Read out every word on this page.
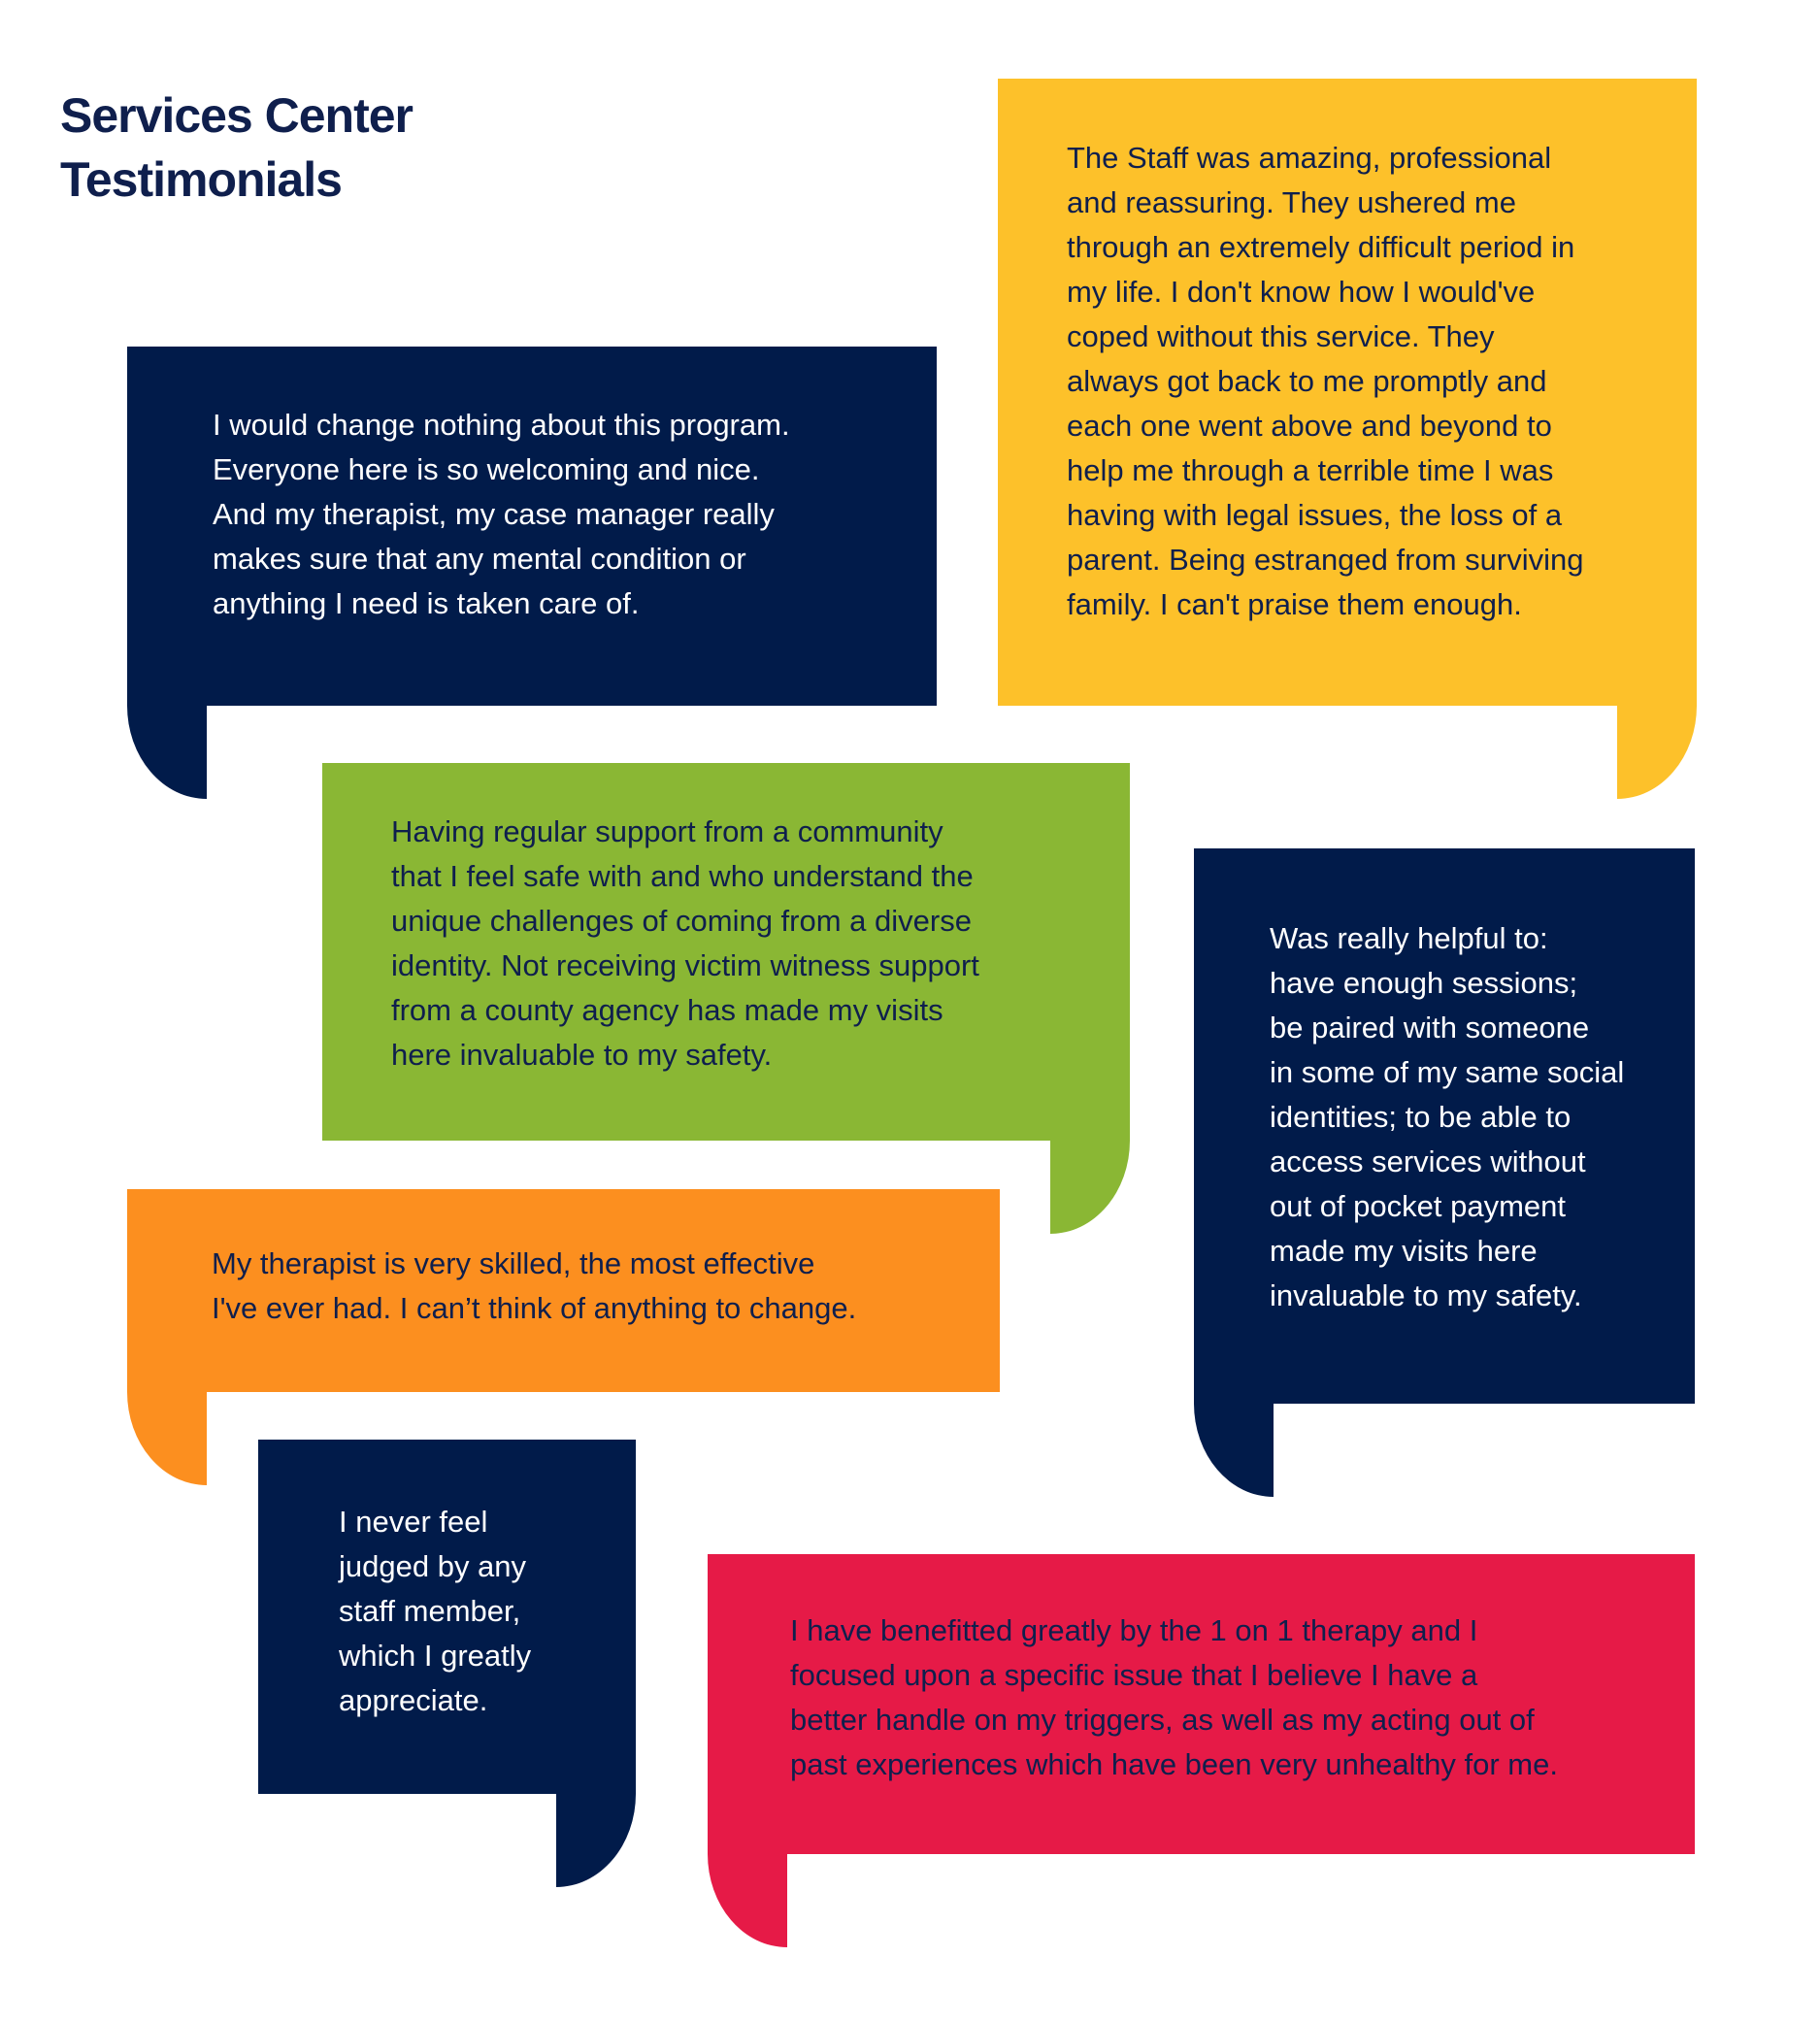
Services Center
Testimonials

I would change nothing about this program.
Everyone here is so welcoming and nice.
And my therapist, my case manager really
makes sure that any mental condition or
anything I need is taken care of.

The Staff was amazing, professional
and reassuring. They ushered me
through an extremely difficult period in
my life. I don't know how I would've
coped without this service. They
always got back to me promptly and
each one went above and beyond to
help me through a terrible time I was
having with legal issues, the loss of a
parent. Being estranged from surviving
family. I can't praise them enough.

Having regular support from a community
that I feel safe with and who understand the
unique challenges of coming from a diverse
identity. Not receiving victim witness support
from a county agency has made my visits
here invaluable to my safety.

Was really helpful to:
have enough sessions;
be paired with someone
in some of my same social
identities; to be able to
access services without
out of pocket payment
made my visits here
invaluable to my safety.

My therapist is very skilled, the most effective
I've ever had. I can’t think of anything to change.

I never feel
judged by any
staff member,
which I greatly
appreciate.

I have benefitted greatly by the 1 on 1 therapy and I
focused upon a specific issue that I believe I have a
better handle on my triggers, as well as my acting out of
past experiences which have been very unhealthy for me.
